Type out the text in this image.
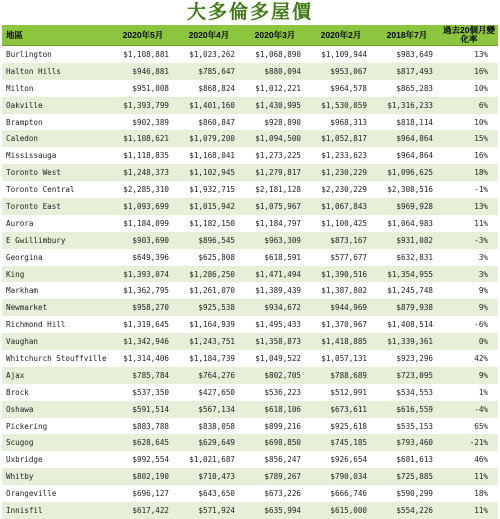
大多倫多屋價
地區	2020年5月	2020年4月	2020年3月	2020年2月	2018年7月	過去20個月變化率
Burlington	$1,108,881	$1,023,262	$1,068,890	$1,109,944	$983,649	13%
Halton Hills	$946,881	$785,647	$880,094	$953,067	$817,493	16%
Milton	$951,008	$868,824	$1,012,221	$964,578	$865,283	10%
Oakville	$1,393,799	$1,401,160	$1,430,995	$1,530,059	$1,316,233	6%
Brampton	$902,389	$860,847	$928,890	$968,313	$818,114	10%
Caledon	$1,108,621	$1,079,200	$1,094,500	$1,052,817	$964,864	15%
Mississauga	$1,118,835	$1,168,041	$1,273,225	$1,233,623	$964,864	16%
Toronto West	$1,248,373	$1,102,945	$1,279,817	$1,230,229	$1,096,625	18%
Toronto Central	$2,285,310	$1,932,715	$2,181,128	$2,230,229	$2,308,516	-1%
Toronto East	$1,093,699	$1,015,942	$1,075,967	$1,067,843	$969,928	13%
Aurora	$1,184,099	$1,182,150	$1,184,797	$1,100,425	$1,064,983	11%
E Gwillimbury	$903,690	$896,545	$963,309	$873,167	$931,082	-3%
Georgina	$649,396	$625,808	$618,591	$577,677	$632,831	3%
King	$1,393,074	$1,286,250	$1,471,494	$1,390,516	$1,354,955	3%
Markham	$1,362,795	$1,261,070	$1,389,439	$1,387,802	$1,245,748	9%
Newmarket	$958,270	$925,538	$934,672	$944,969	$879,938	9%
Richmond Hill	$1,319,645	$1,164,939	$1,495,433	$1,370,967	$1,408,514	-6%
Vaughan	$1,342,946	$1,243,751	$1,358,873	$1,418,885	$1,339,361	0%
Whitchurch Stouffville	$1,314,406	$1,184,739	$1,049,522	$1,057,131	$923,296	42%
Ajax	$785,784	$764,276	$802,705	$788,689	$723,095	9%
Brock	$537,350	$427,650	$536,223	$512,991	$534,553	1%
Oshawa	$591,514	$567,134	$618,106	$673,611	$616,559	-4%
Pickering	$883,788	$838,058	$899,216	$925,618	$535,153	65%
Scugog	$628,645	$629,649	$698,850	$745,185	$793,460	-21%
Uxbridge	$992,554	$1,021,687	$856,247	$926,654	$681,613	46%
Whitby	$802,190	$710,473	$789,267	$790,034	$725,885	11%
Orangeville	$696,127	$643,650	$673,226	$666,746	$590,299	18%
Innisfil	$617,422	$571,924	$635,994	$615,000	$554,226	11%
